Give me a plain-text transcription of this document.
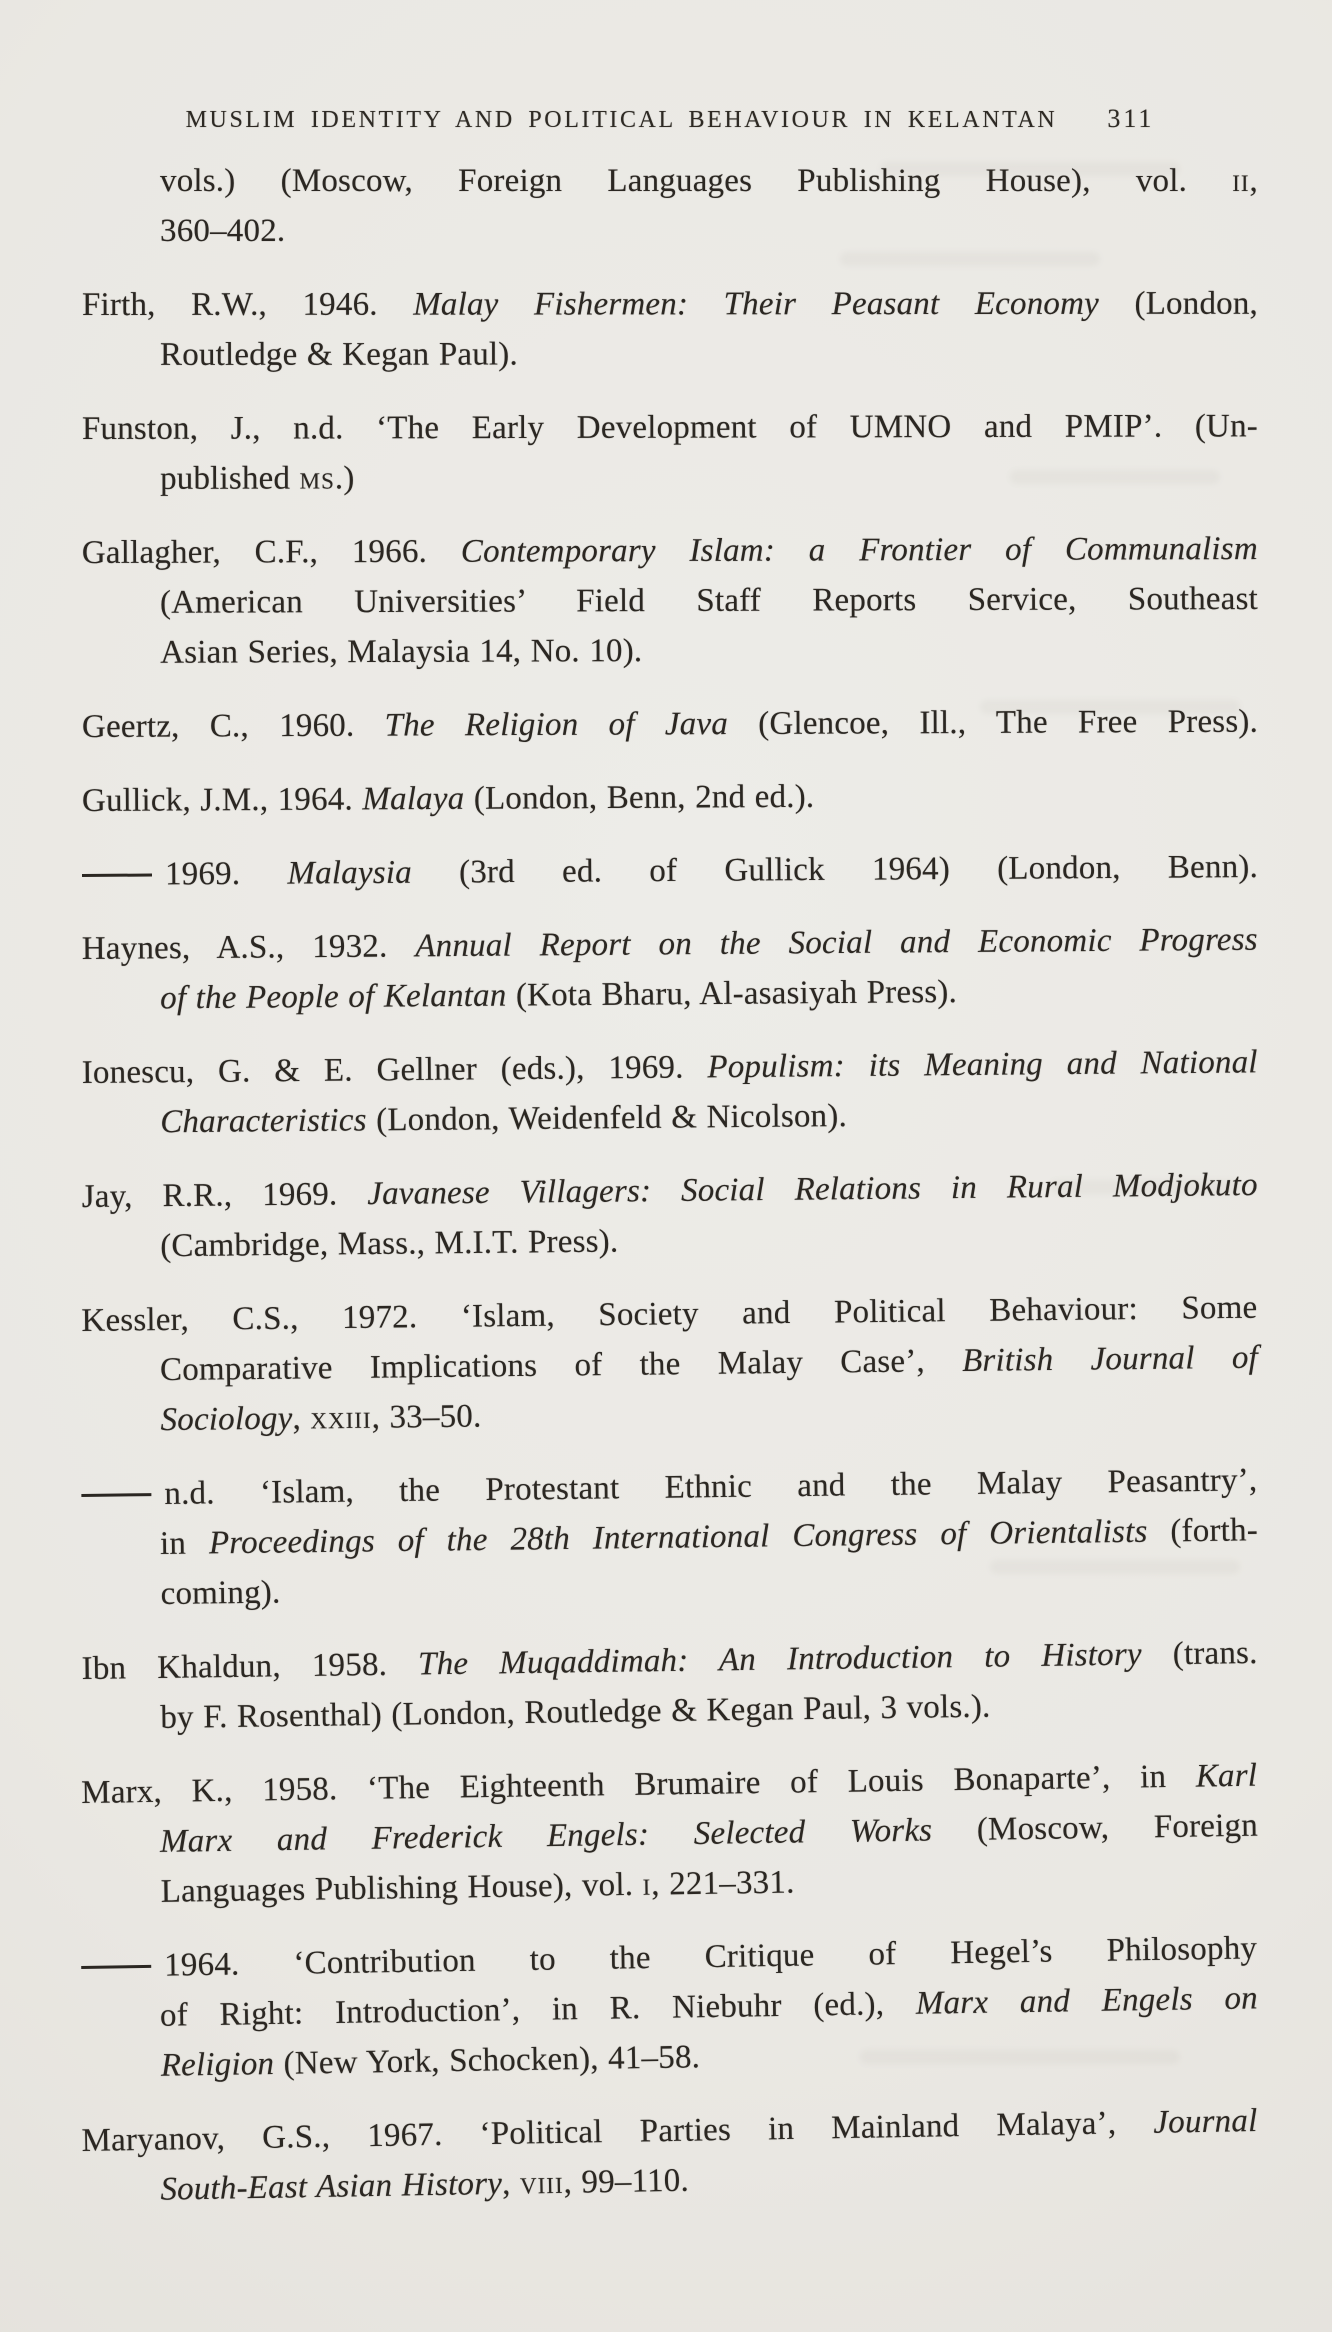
MUSLIM IDENTITY AND POLITICAL BEHAVIOUR IN KELANTAN 311

vols.) (Moscow, Foreign Languages Publishing House), vol. ii,
360–402.

Firth, R.W., 1946. Malay Fishermen: Their Peasant Economy (London,
Routledge & Kegan Paul).

Funston, J., n.d. ‘The Early Development of UMNO and PMIP’. (Un-
published ms.)

Gallagher, C.F., 1966. Contemporary Islam: a Frontier of Communalism
(American Universities’ Field Staff Reports Service, Southeast
Asian Series, Malaysia 14, No. 10).

Geertz, C., 1960. The Religion of Java (Glencoe, Ill., The Free Press).

Gullick, J.M., 1964. Malaya (London, Benn, 2nd ed.).

1969. Malaysia (3rd ed. of Gullick 1964) (London, Benn).

Haynes, A.S., 1932. Annual Report on the Social and Economic Progress
of the People of Kelantan (Kota Bharu, Al-asasiyah Press).

Ionescu, G. & E. Gellner (eds.), 1969. Populism: its Meaning and National
Characteristics (London, Weidenfeld & Nicolson).

Jay, R.R., 1969. Javanese Villagers: Social Relations in Rural Modjokuto
(Cambridge, Mass., M.I.T. Press).

Kessler, C.S., 1972. ‘Islam, Society and Political Behaviour: Some
Comparative Implications of the Malay Case’, British Journal of
Sociology, xxiii, 33–50.

n.d. ‘Islam, the Protestant Ethnic and the Malay Peasantry’,
in Proceedings of the 28th International Congress of Orientalists (forth-
coming).

Ibn Khaldun, 1958. The Muqaddimah: An Introduction to History (trans.
by F. Rosenthal) (London, Routledge & Kegan Paul, 3 vols.).

Marx, K., 1958. ‘The Eighteenth Brumaire of Louis Bonaparte’, in Karl
Marx and Frederick Engels: Selected Works (Moscow, Foreign
Languages Publishing House), vol. i, 221–331.

1964. ‘Contribution to the Critique of Hegel’s Philosophy
of Right: Introduction’, in R. Niebuhr (ed.), Marx and Engels on
Religion (New York, Schocken), 41–58.

Maryanov, G.S., 1967. ‘Political Parties in Mainland Malaya’, Journal
South-East Asian History, viii, 99–110.
